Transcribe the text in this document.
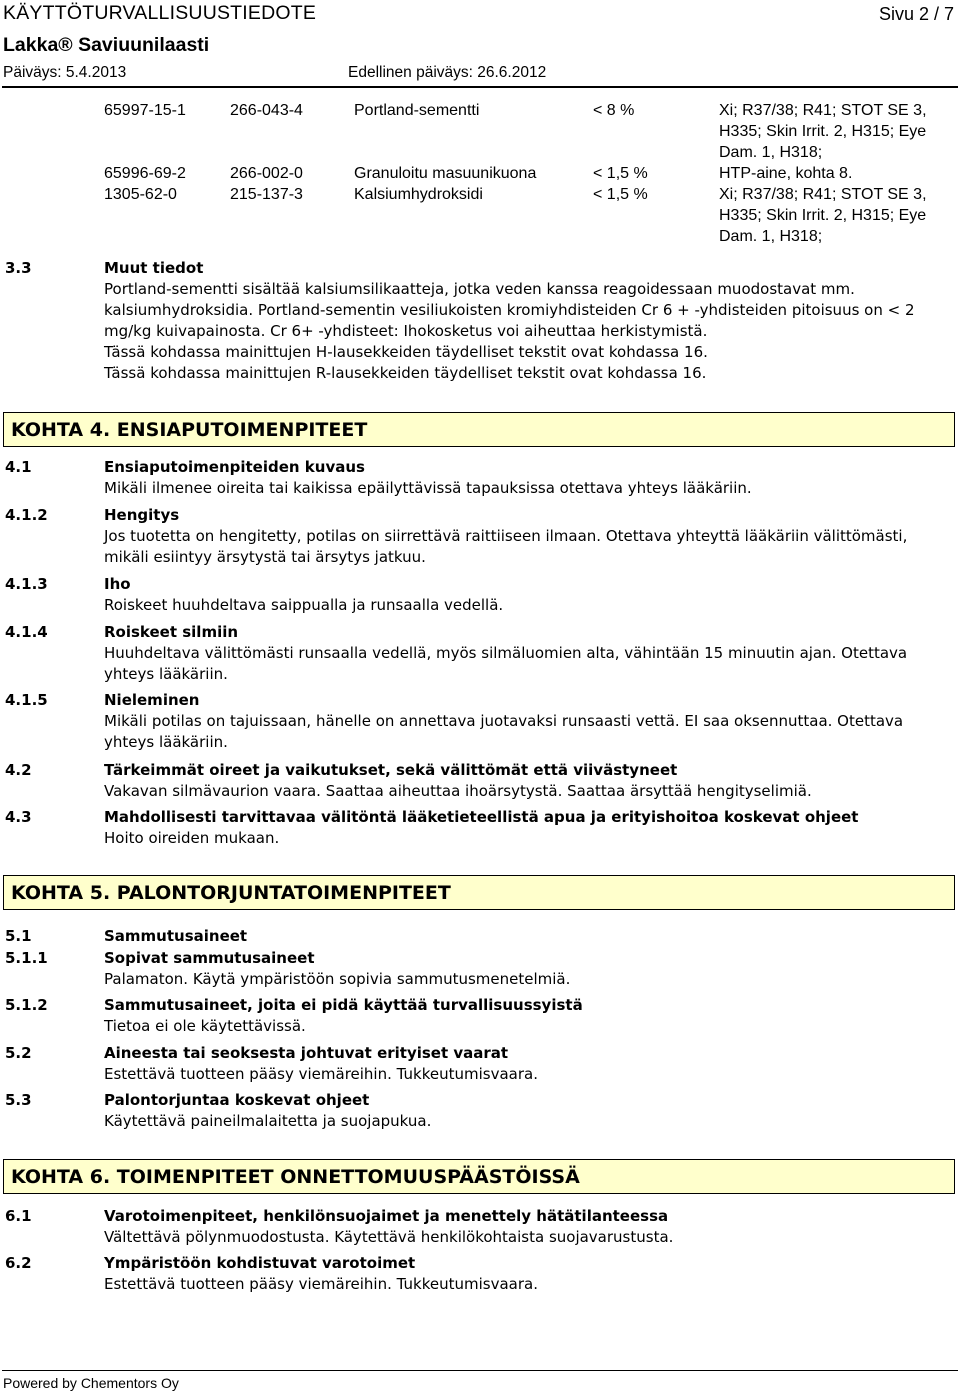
KÄYTTÖTURVALLISUUSTIEDOTE	Sivu 2 / 7
Lakka® Saviuunilaasti
Päiväys: 5.4.2013	Edellinen päiväys: 26.6.2012
65997-15-1	266-043-4	Portland-sementti	< 8 %	Xi; R37/38; R41; STOT SE 3, H335; Skin Irrit. 2, H315; Eye Dam. 1, H318;
65996-69-2	266-002-0	Granuloitu masuunikuona	< 1,5 %	HTP-aine, kohta 8.
1305-62-0	215-137-3	Kalsiumhydroksidi	< 1,5 %	Xi; R37/38; R41; STOT SE 3, H335; Skin Irrit. 2, H315; Eye Dam. 1, H318;
3.3	Muut tiedot
Portland-sementti sisältää kalsiumsilikaatteja, jotka veden kanssa reagoidessaan muodostavat mm. kalsiumhydroksidia. Portland-sementin vesiliukoisten kromiyhdisteiden Cr 6 + -yhdisteiden pitoisuus on < 2 mg/kg kuivapainosta. Cr 6+ -yhdisteet: Ihokosketus voi aiheuttaa herkistymistä.
Tässä kohdassa mainittujen H-lausekkeiden täydelliset tekstit ovat kohdassa 16.
Tässä kohdassa mainittujen R-lausekkeiden täydelliset tekstit ovat kohdassa 16.
KOHTA 4. ENSIAPUTOIMENPITEET
4.1	Ensiaputoimenpiteiden kuvaus
Mikäli ilmenee oireita tai kaikissa epäilyttävissä tapauksissa otettava yhteys lääkäriin.
4.1.2	Hengitys
Jos tuotetta on hengitetty, potilas on siirrettävä raittiiseen ilmaan. Otettava yhteyttä lääkäriin välittömästi, mikäli esiintyy ärsytystä tai ärsytys jatkuu.
4.1.3	Iho
Roiskeet huuhdeltava saippualla ja runsaalla vedellä.
4.1.4	Roiskeet silmiin
Huuhdeltava välittömästi runsaalla vedellä, myös silmäluomien alta, vähintään 15 minuutin ajan. Otettava yhteys lääkäriin.
4.1.5	Nieleminen
Mikäli potilas on tajuissaan, hänelle on annettava juotavaksi runsaasti vettä. EI saa oksennuttaa. Otettava yhteys lääkäriin.
4.2	Tärkeimmät oireet ja vaikutukset, sekä välittömät että viivästyneet
Vakavan silmävaurion vaara. Saattaa aiheuttaa ihoärsytystä. Saattaa ärsyttää hengityselimiä.
4.3	Mahdollisesti tarvittavaa välitöntä lääketieteellistä apua ja erityishoitoa koskevat ohjeet
Hoito oireiden mukaan.
KOHTA 5. PALONTORJUNTATOIMENPITEET
5.1	Sammutusaineet
5.1.1	Sopivat sammutusaineet
Palamaton. Käytä ympäristöön sopivia sammutusmenetelmiä.
5.1.2	Sammutusaineet, joita ei pidä käyttää turvallisuussyistä
Tietoa ei ole käytettävissä.
5.2	Aineesta tai seoksesta johtuvat erityiset vaarat
Estettävä tuotteen pääsy viemäreihin. Tukkeutumisvaara.
5.3	Palontorjuntaa koskevat ohjeet
Käytettävä paineilmalaitetta ja suojapukua.
KOHTA 6. TOIMENPITEET ONNETTOMUUSPÄÄSTÖISSÄ
6.1	Varotoimenpiteet, henkilönsuojaimet ja menettely hätätilanteessa
Vältettävä pölynmuodostusta. Käytettävä henkilökohtaista suojavarustusta.
6.2	Ympäristöön kohdistuvat varotoimet
Estettävä tuotteen pääsy viemäreihin. Tukkeutumisvaara.
Powered by Chementors Oy
